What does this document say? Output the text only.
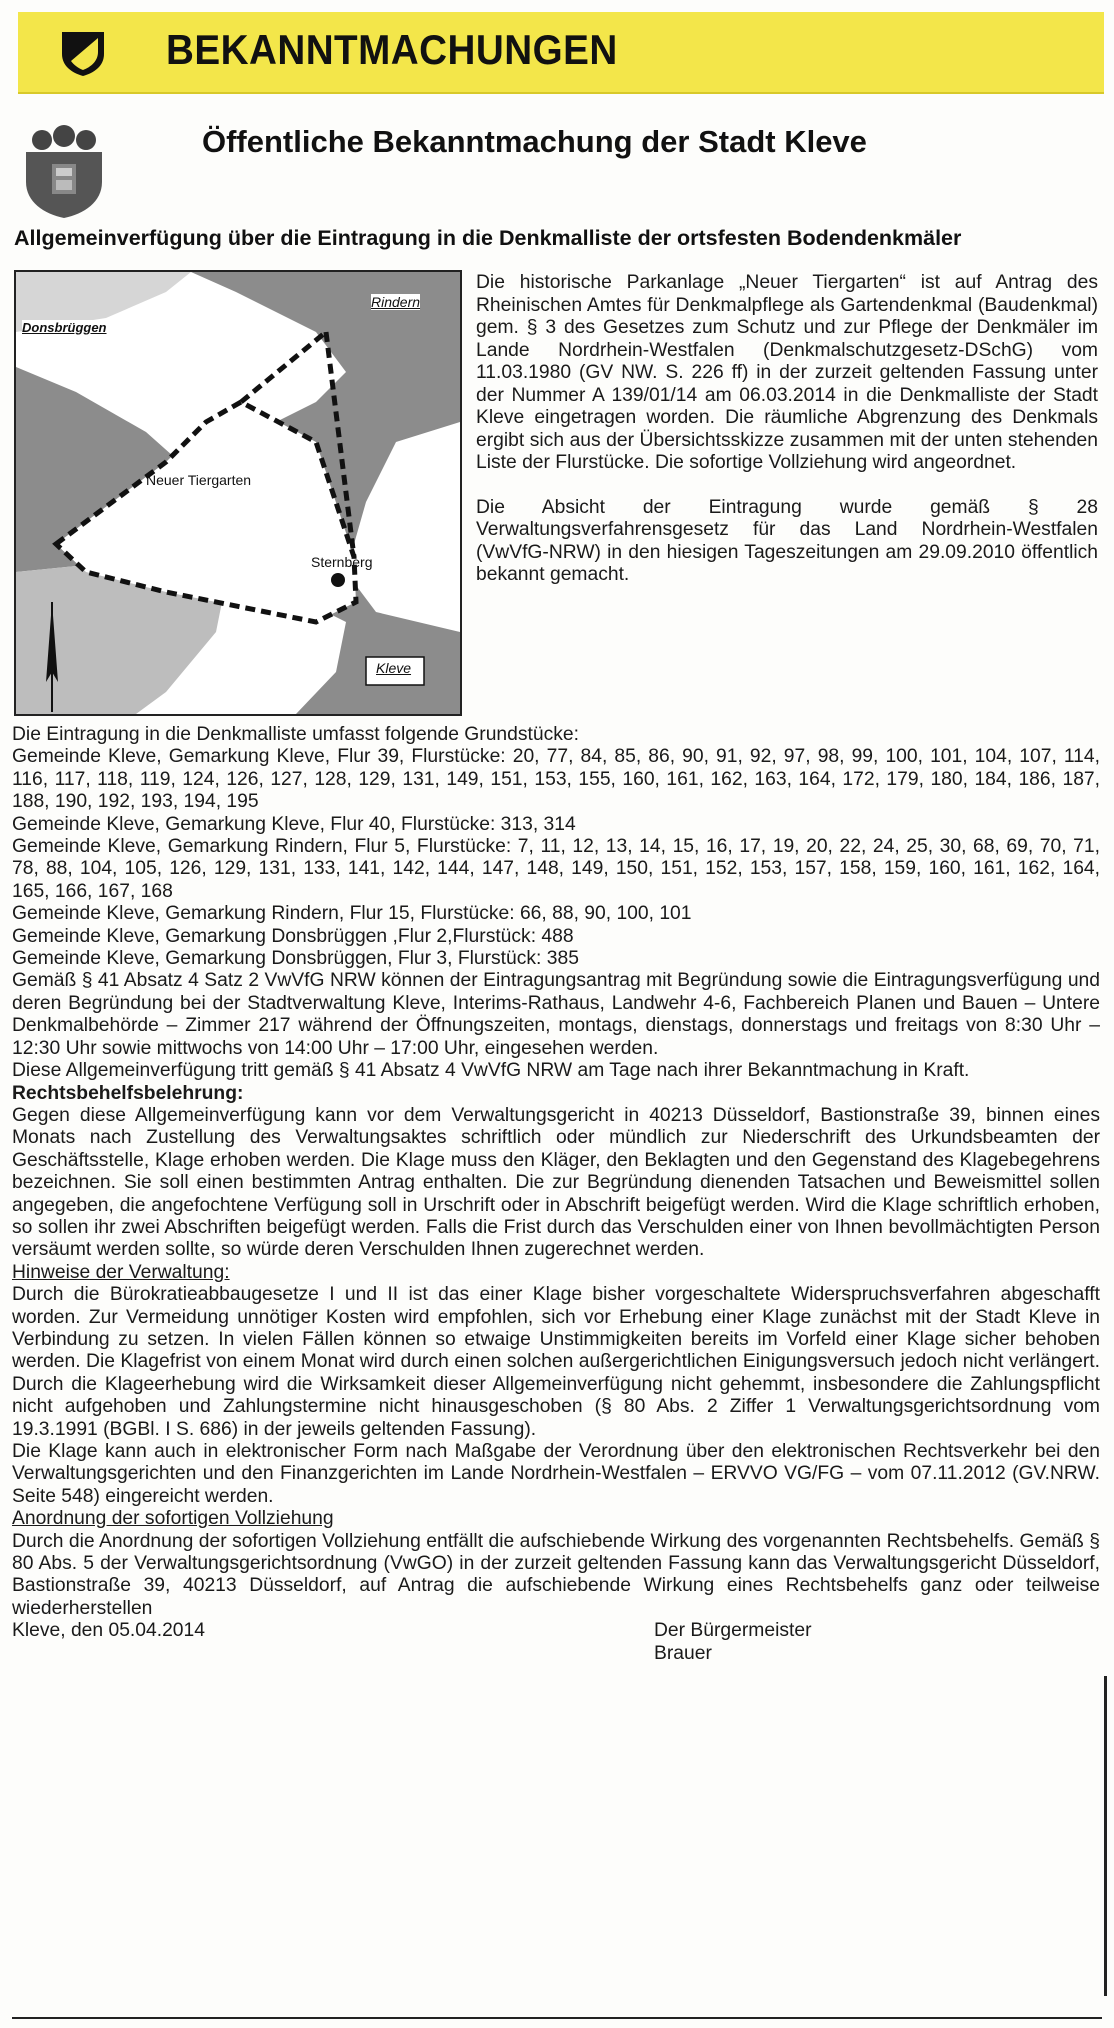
BEKANNTMACHUNGEN
Öffentliche Bekanntmachung der Stadt Kleve
Allgemeinverfügung über die Eintragung in die Denkmalliste der ortsfesten Bodendenkmäler
Donsbrüggen
Rindern
Neuer Tiergarten
Sternberg
Kleve

Die historische Parkanlage „Neuer Tiergarten“ ist auf Antrag des Rheinischen Amtes für Denkmalpflege als Gartendenkmal (Baudenkmal) gem. § 3 des Gesetzes zum Schutz und zur Pflege der Denkmäler im Lande Nordrhein-Westfalen (Denkmalschutzgesetz-DSchG) vom 11.03.1980 (GV NW. S. 226 ff) in der zurzeit geltenden Fassung unter der Nummer A 139/01/14 am 06.03.2014 in die Denkmalliste der Stadt Kleve eingetragen worden. Die räumliche Abgrenzung des Denkmals ergibt sich aus der Übersichtsskizze zusammen mit der unten stehenden Liste der Flurstücke. Die sofortige Vollziehung wird angeordnet.

Die Absicht der Eintragung wurde gemäß § 28 Verwaltungsverfahrensgesetz für das Land Nordrhein-Westfalen (VwVfG-NRW) in den hiesigen Tageszeitungen am 29.09.2010 öffentlich bekannt gemacht.

Die Eintragung in die Denkmalliste umfasst folgende Grundstücke:

Gemeinde Kleve, Gemarkung Kleve, Flur 39, Flurstücke: 20, 77, 84, 85, 86, 90, 91, 92, 97, 98, 99, 100, 101, 104, 107, 114, 116, 117, 118, 119, 124, 126, 127, 128, 129, 131, 149, 151, 153, 155, 160, 161, 162, 163, 164, 172, 179, 180, 184, 186, 187, 188, 190, 192, 193, 194, 195

Gemeinde Kleve, Gemarkung Kleve, Flur 40, Flurstücke: 313, 314

Gemeinde Kleve, Gemarkung Rindern, Flur 5, Flurstücke: 7, 11, 12, 13, 14, 15, 16, 17, 19, 20, 22, 24, 25, 30, 68, 69, 70, 71, 78, 88, 104, 105, 126, 129, 131, 133, 141, 142, 144, 147, 148, 149, 150, 151, 152, 153, 157, 158, 159, 160, 161, 162, 164, 165, 166, 167, 168

Gemeinde Kleve, Gemarkung Rindern, Flur 15, Flurstücke: 66, 88, 90, 100, 101

Gemeinde Kleve, Gemarkung Donsbrüggen ,Flur 2,Flurstück: 488

Gemeinde Kleve, Gemarkung Donsbrüggen, Flur 3, Flurstück: 385

Gemäß § 41 Absatz 4 Satz 2 VwVfG NRW können der Eintragungsantrag mit Begründung sowie die Eintragungsverfügung und deren Begründung bei der Stadtverwaltung Kleve, Interims-Rathaus, Landwehr 4-6, Fachbereich Planen und Bauen – Untere Denkmalbehörde – Zimmer 217 während der Öffnungszeiten, montags, dienstags, donnerstags und freitags von 8:30 Uhr – 12:30 Uhr sowie mittwochs von 14:00 Uhr – 17:00 Uhr, eingesehen werden.

Diese Allgemeinverfügung tritt gemäß § 41 Absatz 4 VwVfG NRW am Tage nach ihrer Bekanntmachung in Kraft.

Rechtsbehelfsbelehrung:

Gegen diese Allgemeinverfügung kann vor dem Verwaltungsgericht in 40213 Düsseldorf, Bastionstraße 39, binnen eines Monats nach Zustellung des Verwaltungsaktes schriftlich oder mündlich zur Niederschrift des Urkundsbeamten der Geschäftsstelle, Klage erhoben werden. Die Klage muss den Kläger, den Beklagten und den Gegenstand des Klagebegehrens bezeichnen. Sie soll einen bestimmten Antrag enthalten. Die zur Begründung dienenden Tatsachen und Beweismittel sollen angegeben, die angefochtene Verfügung soll in Urschrift oder in Abschrift beigefügt werden. Wird die Klage schriftlich erhoben, so sollen ihr zwei Abschriften beigefügt werden. Falls die Frist durch das Verschulden einer von Ihnen bevollmächtigten Person versäumt werden sollte, so würde deren Verschulden Ihnen zugerechnet werden.

Hinweise der Verwaltung:

Durch die Bürokratieabbaugesetze I und II ist das einer Klage bisher vorgeschaltete Widerspruchsverfahren abgeschafft worden. Zur Vermeidung unnötiger Kosten wird empfohlen, sich vor Erhebung einer Klage zunächst mit der Stadt Kleve in Verbindung zu setzen. In vielen Fällen können so etwaige Unstimmigkeiten bereits im Vorfeld einer Klage sicher behoben werden. Die Klagefrist von einem Monat wird durch einen solchen außergerichtlichen Einigungsversuch jedoch nicht verlängert. Durch die Klageerhebung wird die Wirksamkeit dieser Allgemeinverfügung nicht gehemmt, insbesondere die Zahlungspflicht nicht aufgehoben und Zahlungstermine nicht hinausgeschoben (§ 80 Abs. 2 Ziffer 1 Verwaltungsgerichtsordnung vom 19.3.1991 (BGBl. I S. 686) in der jeweils geltenden Fassung).

Die Klage kann auch in elektronischer Form nach Maßgabe der Verordnung über den elektronischen Rechtsverkehr bei den Verwaltungsgerichten und den Finanzgerichten im Lande Nordrhein-Westfalen – ERVVO VG/FG – vom 07.11.2012 (GV.NRW. Seite 548) eingereicht werden.

Anordnung der sofortigen Vollziehung

Durch die Anordnung der sofortigen Vollziehung entfällt die aufschiebende Wirkung des vorgenannten Rechtsbehelfs. Gemäß § 80 Abs. 5 der Verwaltungsgerichtsordnung (VwGO) in der zurzeit geltenden Fassung kann das Verwaltungsgericht Düsseldorf, Bastionstraße 39, 40213 Düsseldorf, auf Antrag die aufschiebende Wirkung eines Rechtsbehelfs ganz oder teilweise wiederherstellen

Kleve, den 05.04.2014	Der Bürgermeister
Brauer
